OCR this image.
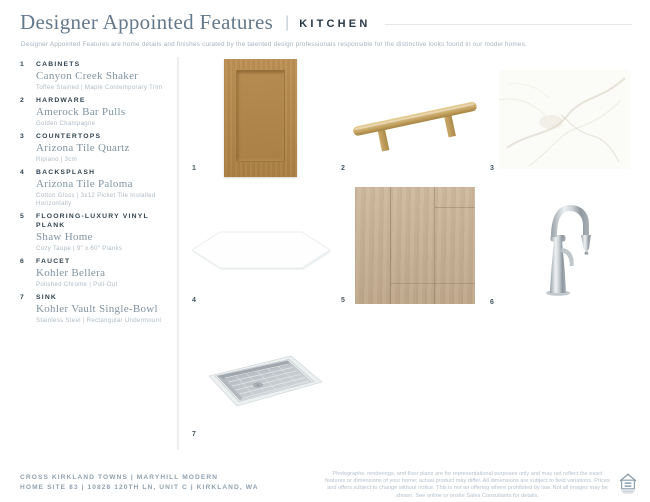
Designer Appointed Features | KITCHEN
Designer Appointed Features are home details and finishes curated by the talented design professionals responsible for the distinctive looks found in our model homes.
1	CABINETS
Canyon Creek Shaker
Toffee Stained | Maple Contemporary Trim
2	HARDWARE
Amerock Bar Pulls
Golden Champagne
3	COUNTERTOPS
Arizona Tile Quartz
Ripiano | 3cm
4	BACKSPLASH
Arizona Tile Paloma
Cotton Gloss | 3x12 Picket Tile Installed Horizontally
5	FLOORING-LUXURY VINYL PLANK
Shaw Home
Cozy Taupe | 9" x 60" Planks
6	FAUCET
Kohler Bellera
Polished Chrome | Pull-Out
7	SINK
Kohler Vault Single-Bowl
Stainless Steel | Rectangular Undermount
1	2	3
4	5	6
7
CROSS KIRKLAND TOWNS | MARYHILL MODERN
HOME SITE 83 | 10828 120TH LN, UNIT C | KIRKLAND, WA
Photographs, renderings, and floor plans are for representational purposes only and may not reflect the exact features or dimensions of your home; actual product may differ. All dimensions are subject to field variations. Prices and offers subject to change without notice. This is not an offering where prohibited by law. Not all images may be shown. See online or onsite Sales Consultants for details.
